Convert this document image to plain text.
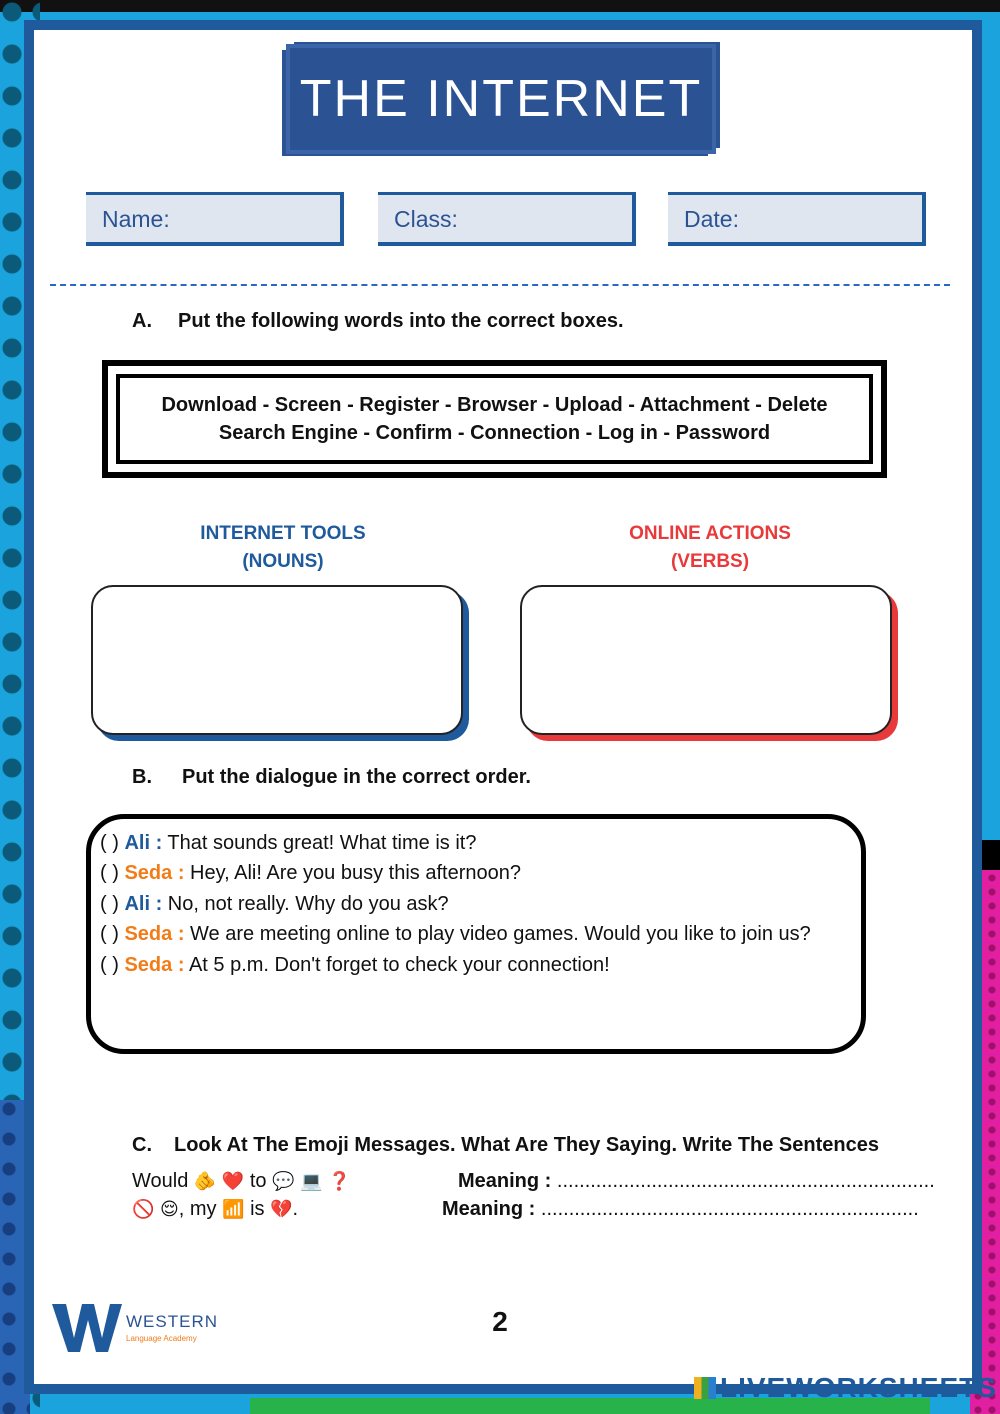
THE INTERNET
Name:	Class:	Date:
A. Put the following words into the correct boxes.
Download - Screen - Register - Browser - Upload - Attachment - Delete
Search Engine - Confirm - Connection - Log in - Password
INTERNET TOOLS
(NOUNS)
ONLINE ACTIONS
(VERBS)
B. Put the dialogue in the correct order.

( ) Ali : That sounds great! What time is it?

( ) Seda : Hey, Ali! Are you busy this afternoon?

( ) Ali : No, not really. Why do you ask?

( ) Seda : We are meeting online to play video games. Would you like to join us?

( ) Seda : At 5 p.m. Don't forget to check your connection!

C. Look At The Emoji Messages. What Are They Saying. Write The Sentences
Would 🫵 ❤️ to 💬 💻 ❓
🚫 😌, my 📶 is 💔.
Meaning : ....................................................................
Meaning : ....................................................................
WESTERN
Language Academy
2
LIVEWORKSHEETS
